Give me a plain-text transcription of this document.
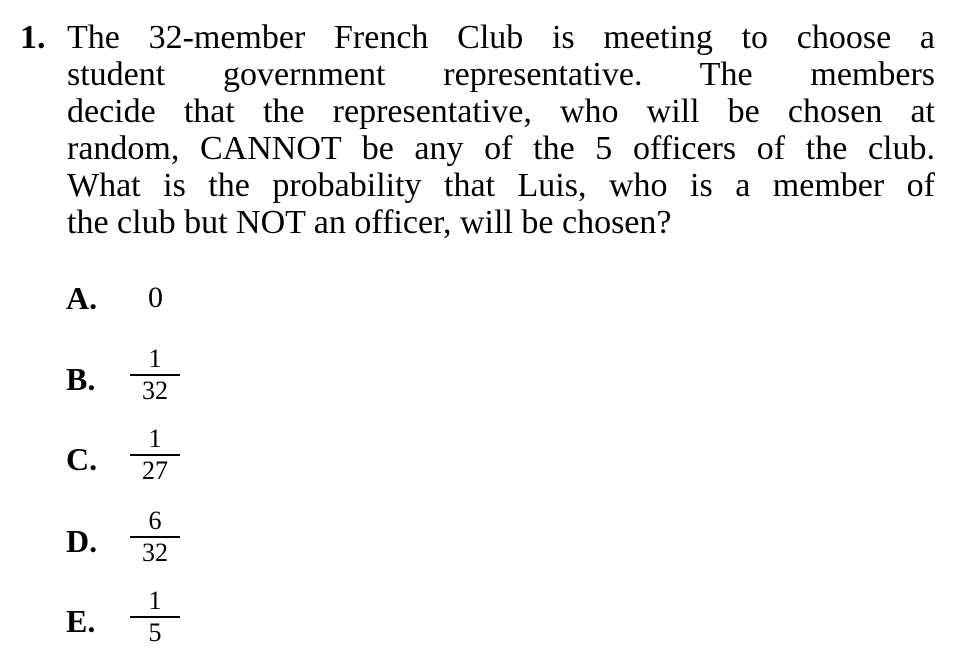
1. The 32-member French Club is meeting to choose a
student government representative. The members
decide that the representative, who will be chosen at
random, CANNOT be any of the 5 officers of the club.
What is the probability that Luis, who is a member of
the club but NOT an officer, will be chosen?
A. 0
B.
1
32
C.
1
27
D.
6
32
E.
1
5
